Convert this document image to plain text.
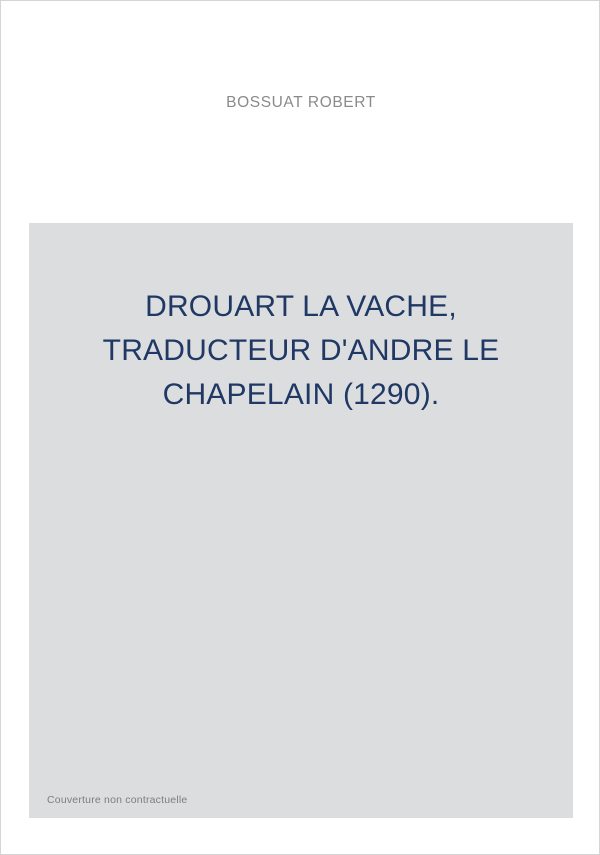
BOSSUAT ROBERT
DROUART LA VACHE, TRADUCTEUR D'ANDRE LE CHAPELAIN (1290).
Couverture non contractuelle
